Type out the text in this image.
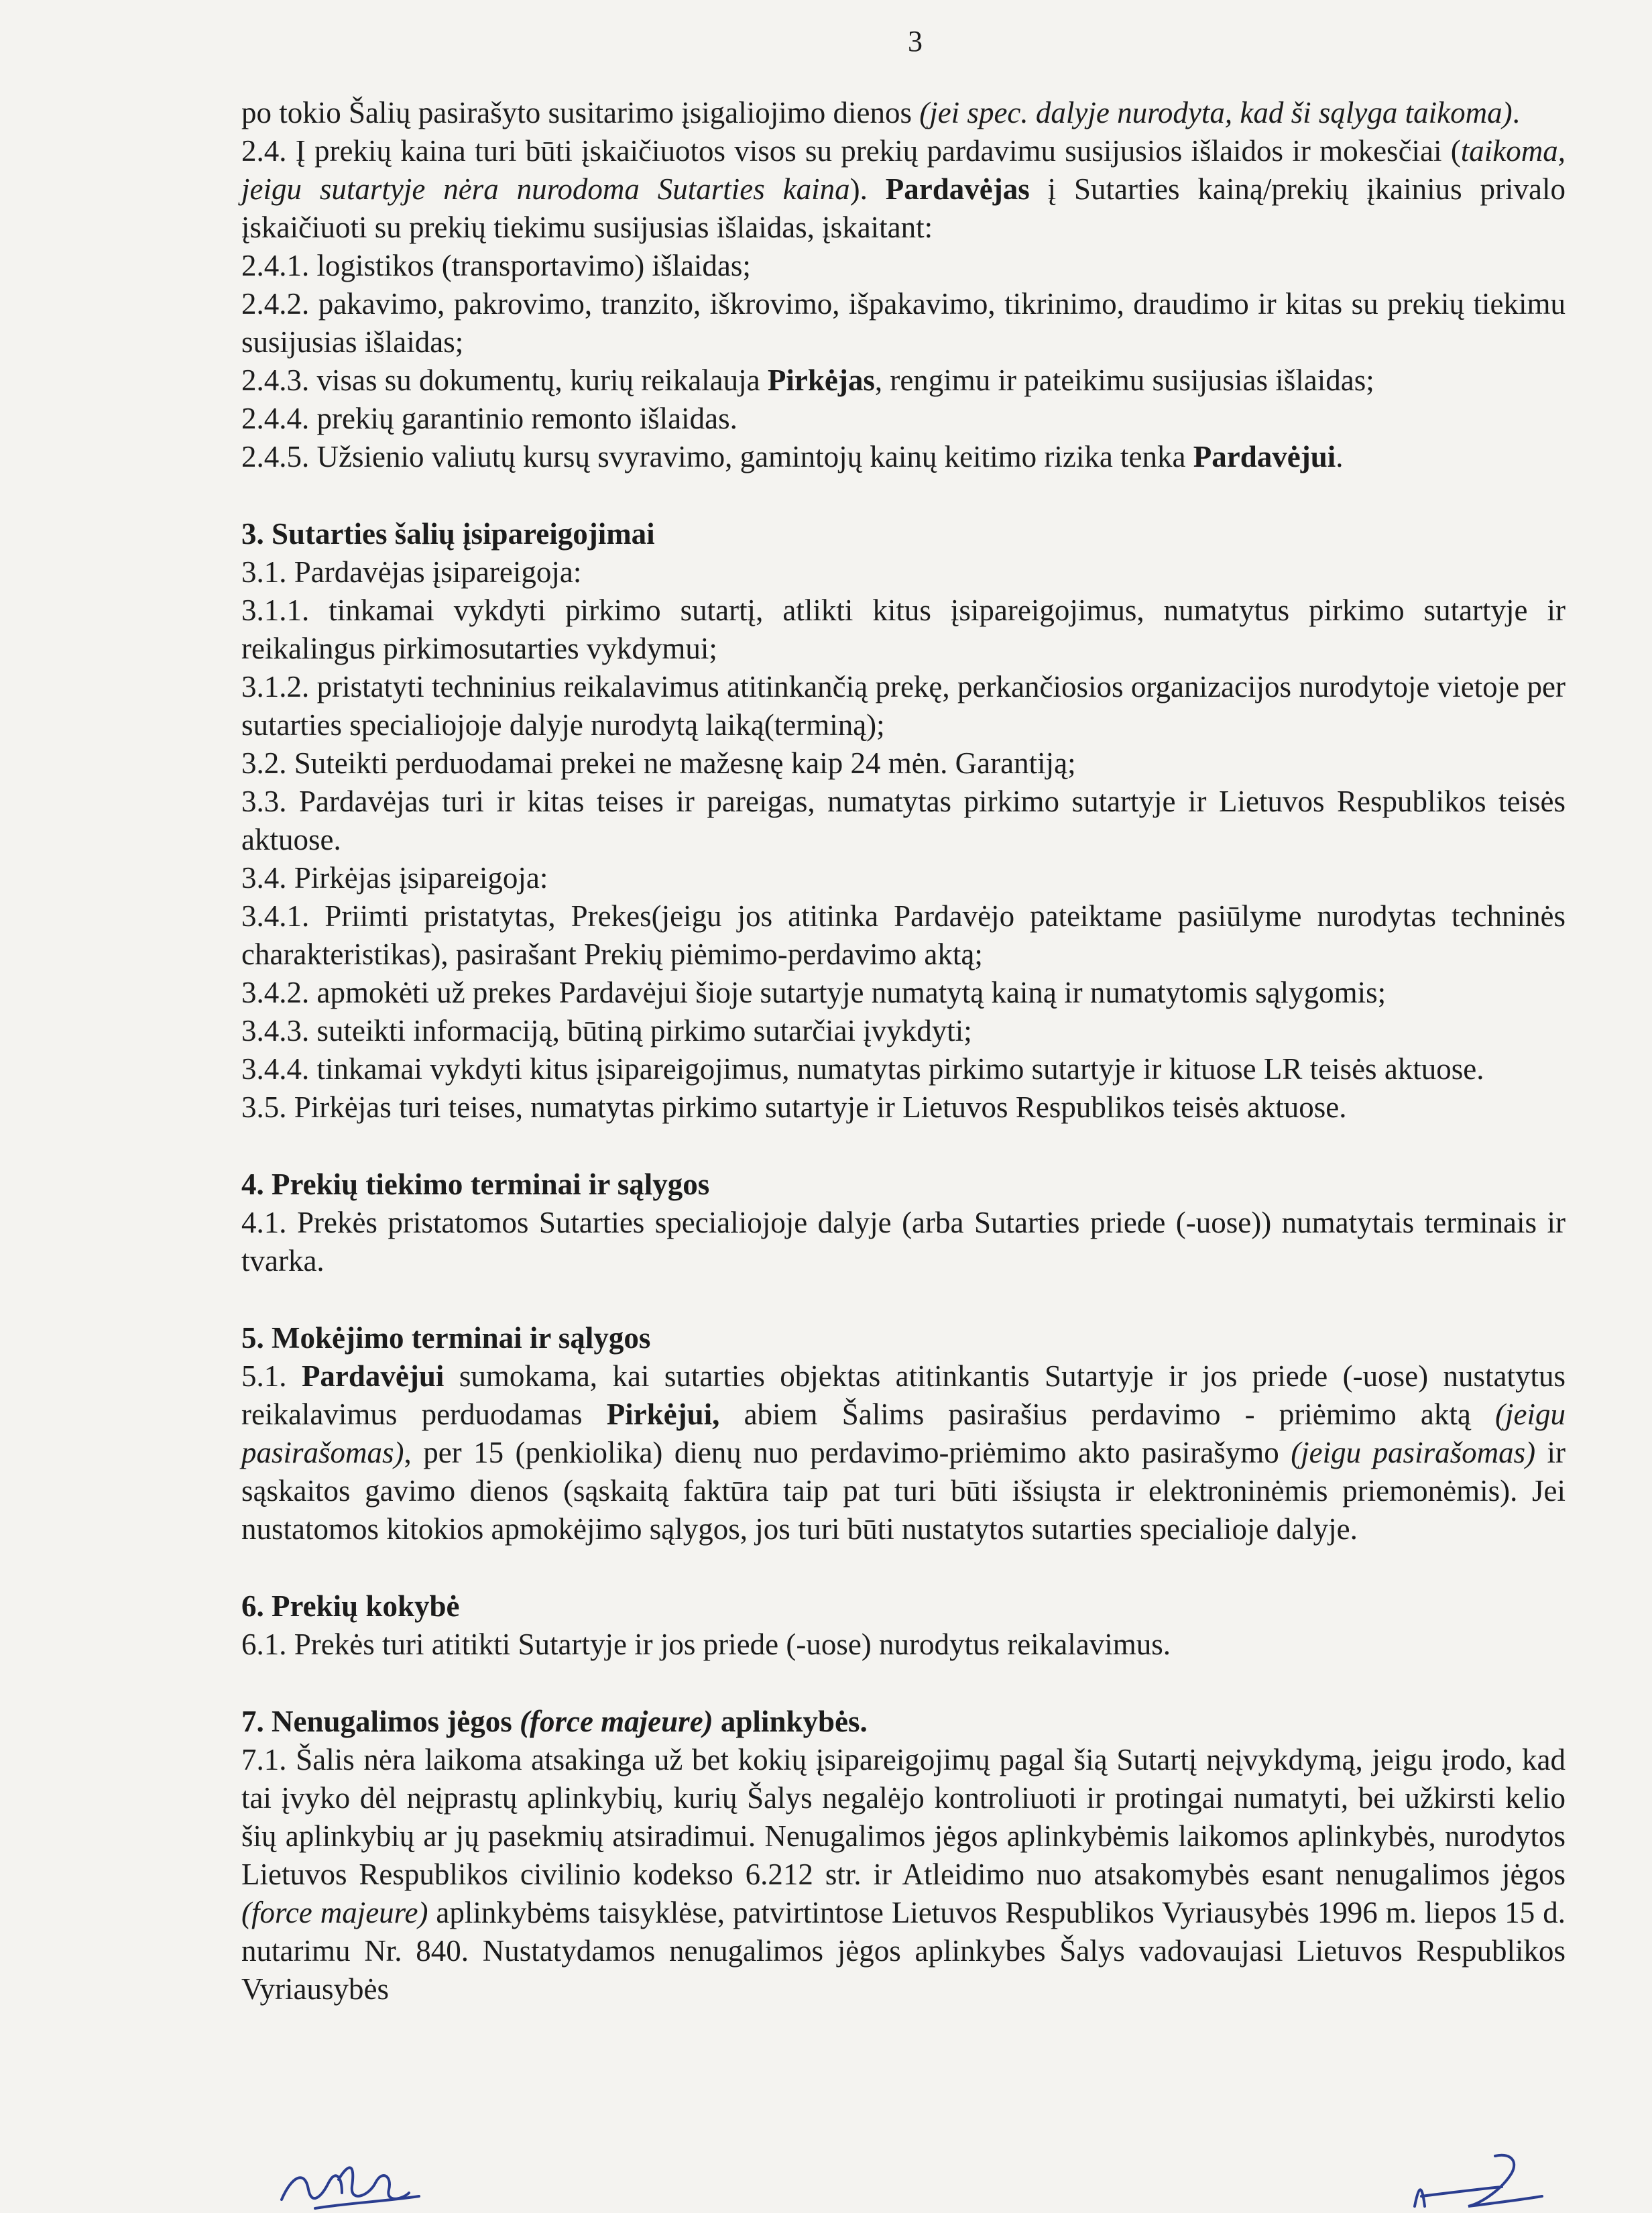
3

po tokio Šalių pasirašyto susitarimo įsigaliojimo dienos (jei spec. dalyje nurodyta, kad ši sąlyga taikoma).

2.4. Į prekių kaina turi būti įskaičiuotos visos su prekių pardavimu susijusios išlaidos ir mokesčiai (taikoma, jeigu sutartyje nėra nurodoma Sutarties kaina). Pardavėjas į Sutarties kainą/prekių įkainius privalo įskaičiuoti su prekių tiekimu susijusias išlaidas, įskaitant:

2.4.1. logistikos (transportavimo) išlaidas;

2.4.2. pakavimo, pakrovimo, tranzito, iškrovimo, išpakavimo, tikrinimo, draudimo ir kitas su prekių tiekimu susijusias išlaidas;

2.4.3. visas su dokumentų, kurių reikalauja Pirkėjas, rengimu ir pateikimu susijusias išlaidas;

2.4.4. prekių garantinio remonto išlaidas.

2.4.5. Užsienio valiutų kursų svyravimo, gamintojų kainų keitimo rizika tenka Pardavėjui.

3. Sutarties šalių įsipareigojimai

3.1. Pardavėjas įsipareigoja:

3.1.1. tinkamai vykdyti pirkimo sutartį, atlikti kitus įsipareigojimus, numatytus pirkimo sutartyje ir reikalingus pirkimosutarties vykdymui;

3.1.2. pristatyti techninius reikalavimus atitinkančią prekę, perkančiosios organizacijos nurodytoje vietoje per sutarties specialiojoje dalyje nurodytą laiką(terminą);

3.2. Suteikti perduodamai prekei ne mažesnę kaip 24 mėn. Garantiją;

3.3. Pardavėjas turi ir kitas teises ir pareigas, numatytas pirkimo sutartyje ir Lietuvos Respublikos teisės aktuose.

3.4. Pirkėjas įsipareigoja:

3.4.1. Priimti pristatytas, Prekes(jeigu jos atitinka Pardavėjo pateiktame pasiūlyme nurodytas techninės charakteristikas), pasirašant Prekių piėmimo-perdavimo aktą;

3.4.2. apmokėti už prekes Pardavėjui šioje sutartyje numatytą kainą ir numatytomis sąlygomis;

3.4.3. suteikti informaciją, būtiną pirkimo sutarčiai įvykdyti;

3.4.4. tinkamai vykdyti kitus įsipareigojimus, numatytas pirkimo sutartyje ir kituose LR teisės aktuose.

3.5. Pirkėjas turi teises, numatytas pirkimo sutartyje ir Lietuvos Respublikos teisės aktuose.

4. Prekių tiekimo terminai ir sąlygos

4.1. Prekės pristatomos Sutarties specialiojoje dalyje (arba Sutarties priede (-uose)) numatytais terminais ir tvarka.

5. Mokėjimo terminai ir sąlygos

5.1. Pardavėjui sumokama, kai sutarties objektas atitinkantis Sutartyje ir jos priede (-uose) nustatytus reikalavimus perduodamas Pirkėjui, abiem Šalims pasirašius perdavimo - priėmimo aktą (jeigu pasirašomas), per 15 (penkiolika) dienų nuo perdavimo-priėmimo akto pasirašymo (jeigu pasirašomas) ir sąskaitos gavimo dienos (sąskaitą faktūra taip pat turi būti išsiųsta ir elektroninėmis priemonėmis). Jei nustatomos kitokios apmokėjimo sąlygos, jos turi būti nustatytos sutarties specialioje dalyje.

6. Prekių kokybė

6.1. Prekės turi atitikti Sutartyje ir jos priede (-uose) nurodytus reikalavimus.

7. Nenugalimos jėgos (force majeure) aplinkybės.

7.1. Šalis nėra laikoma atsakinga už bet kokių įsipareigojimų pagal šią Sutartį neįvykdymą, jeigu įrodo, kad tai įvyko dėl neįprastų aplinkybių, kurių Šalys negalėjo kontroliuoti ir protingai numatyti, bei užkirsti kelio šių aplinkybių ar jų pasekmių atsiradimui. Nenugalimos jėgos aplinkybėmis laikomos aplinkybės, nurodytos Lietuvos Respublikos civilinio kodekso 6.212 str. ir Atleidimo nuo atsakomybės esant nenugalimos jėgos (force majeure) aplinkybėms taisyklėse, patvirtintose Lietuvos Respublikos Vyriausybės 1996 m. liepos 15 d. nutarimu Nr. 840. Nustatydamos nenugalimos jėgos aplinkybes Šalys vadovaujasi Lietuvos Respublikos Vyriausybės
